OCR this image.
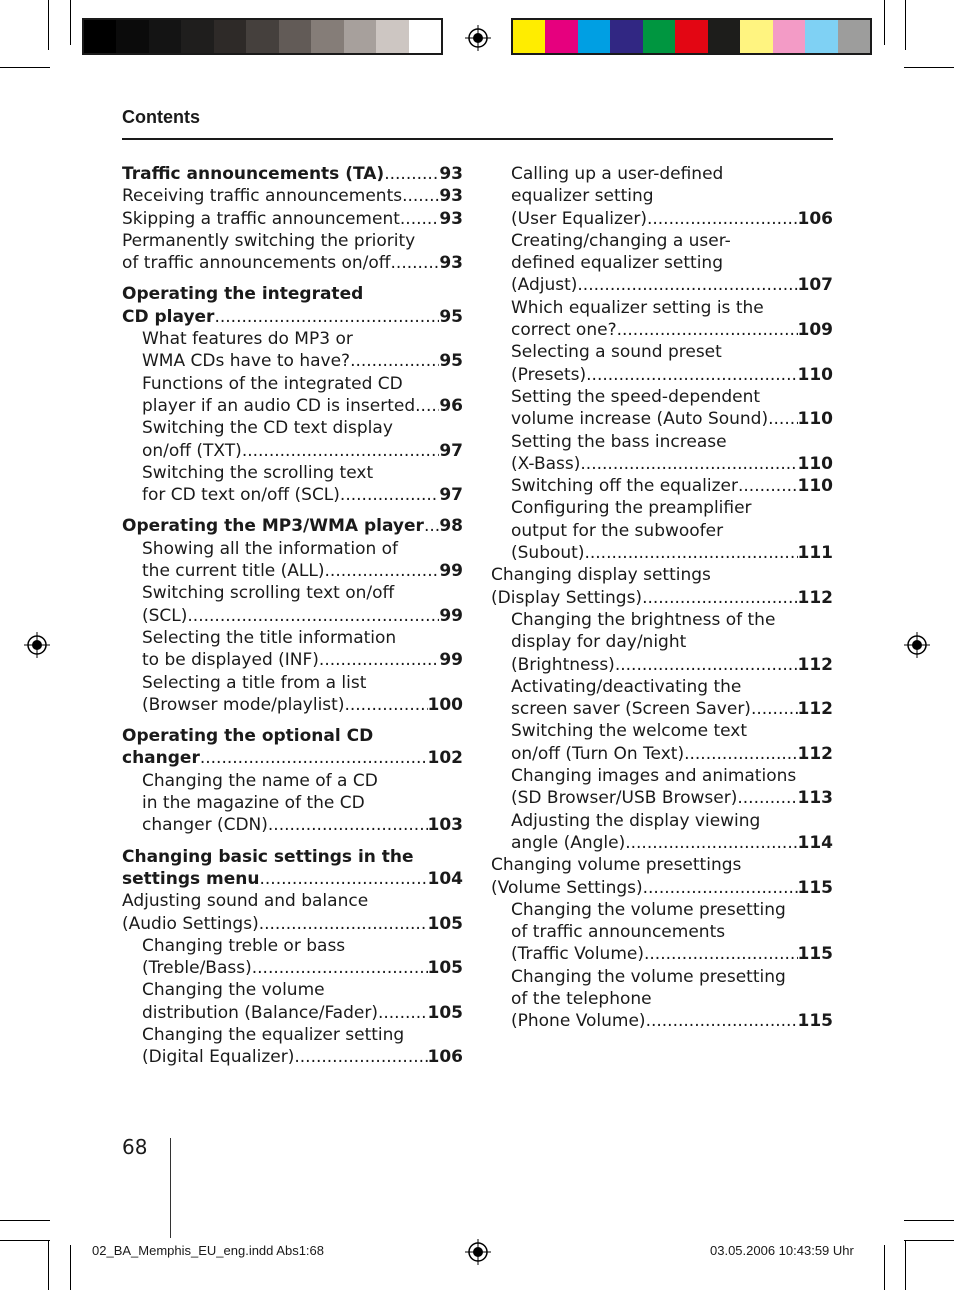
Contents
Traffic announcements (TA) .....	93
Receiving traffic announcements ..... 93
Skipping a traffic announcement ..... 93
Permanently switching the priority
of traffic announcements on/off .....	93
Operating the integrated
CD player .....	95
What features do MP3 or
WMA CDs have to have? .....	95
Functions of the integrated CD
player if an audio CD is inserted ..... 96
Switching the CD text display
on/off (TXT) .....	97
Switching the scrolling text
for CD text on/off (SCL) .....	97
Operating the MP3/WMA player ..... 98
Showing all the information of
the current title (ALL) .....	99
Switching scrolling text on/off
(SCL) .....	99
Selecting the title information
to be displayed (INF) .....	99
Selecting a title from a list
(Browser mode/playlist) .....	100
Operating the optional CD
changer .....	102
Changing the name of a CD
in the magazine of the CD
changer (CDN) .....	103
Changing basic settings in the
settings menu .....	104
Adjusting sound and balance
(Audio Settings) .....	105
Changing treble or bass
(Treble/Bass) .....	105
Changing the volume
distribution (Balance/Fader) .....	105
Changing the equalizer setting
(Digital Equalizer) .....	106
Calling up a user-defined
equalizer setting
(User Equalizer) .....	106
Creating/changing a user-
defined equalizer setting
(Adjust) .....	107
Which equalizer setting is the
correct one? .....	109
Selecting a sound preset
(Presets) .....	110
Setting the speed-dependent
volume increase (Auto Sound) ..... 110
Setting the bass increase
(X-Bass) .....	110
Switching off the equalizer .....	110
Configuring the preamplifier
output for the subwoofer
(Subout) .....	111
Changing display settings
(Display Settings) .....	112
Changing the brightness of the
display for day/night
(Brightness) .....	112
Activating/deactivating the
screen saver (Screen Saver) .....	112
Switching the welcome text
on/off (Turn On Text) .....	112
Changing images and animations
(SD Browser/USB Browser) .....	113
Adjusting the display viewing
angle (Angle) .....	114
Changing volume presettings
(Volume Settings) .....	115
Changing the volume presetting
of traffic announcements
(Traffic Volume) .....	115
Changing the volume presetting
of the telephone
(Phone Volume) .....	115
68
02_BA_Memphis_EU_eng.indd Abs1:68	03.05.2006 10:43:59 Uhr
